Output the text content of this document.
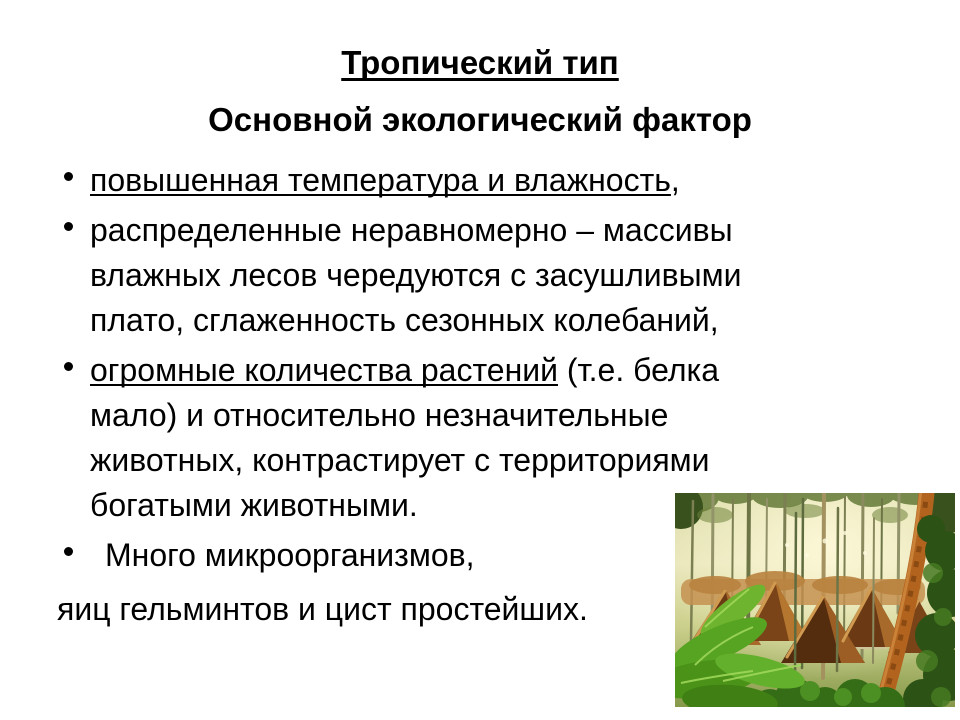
Тропический тип
Основной экологический фактор
повышенная температура и влажность,
распределенные неравномерно – массивы
влажных лесов чередуются с засушливыми
плато, сглаженность сезонных колебаний,
огромные количества растений (т.е. белка
мало) и относительно незначительные
животных, контрастирует с территориями
богатыми животными.
Много микроорганизмов,
яиц гельминтов и цист простейших.
